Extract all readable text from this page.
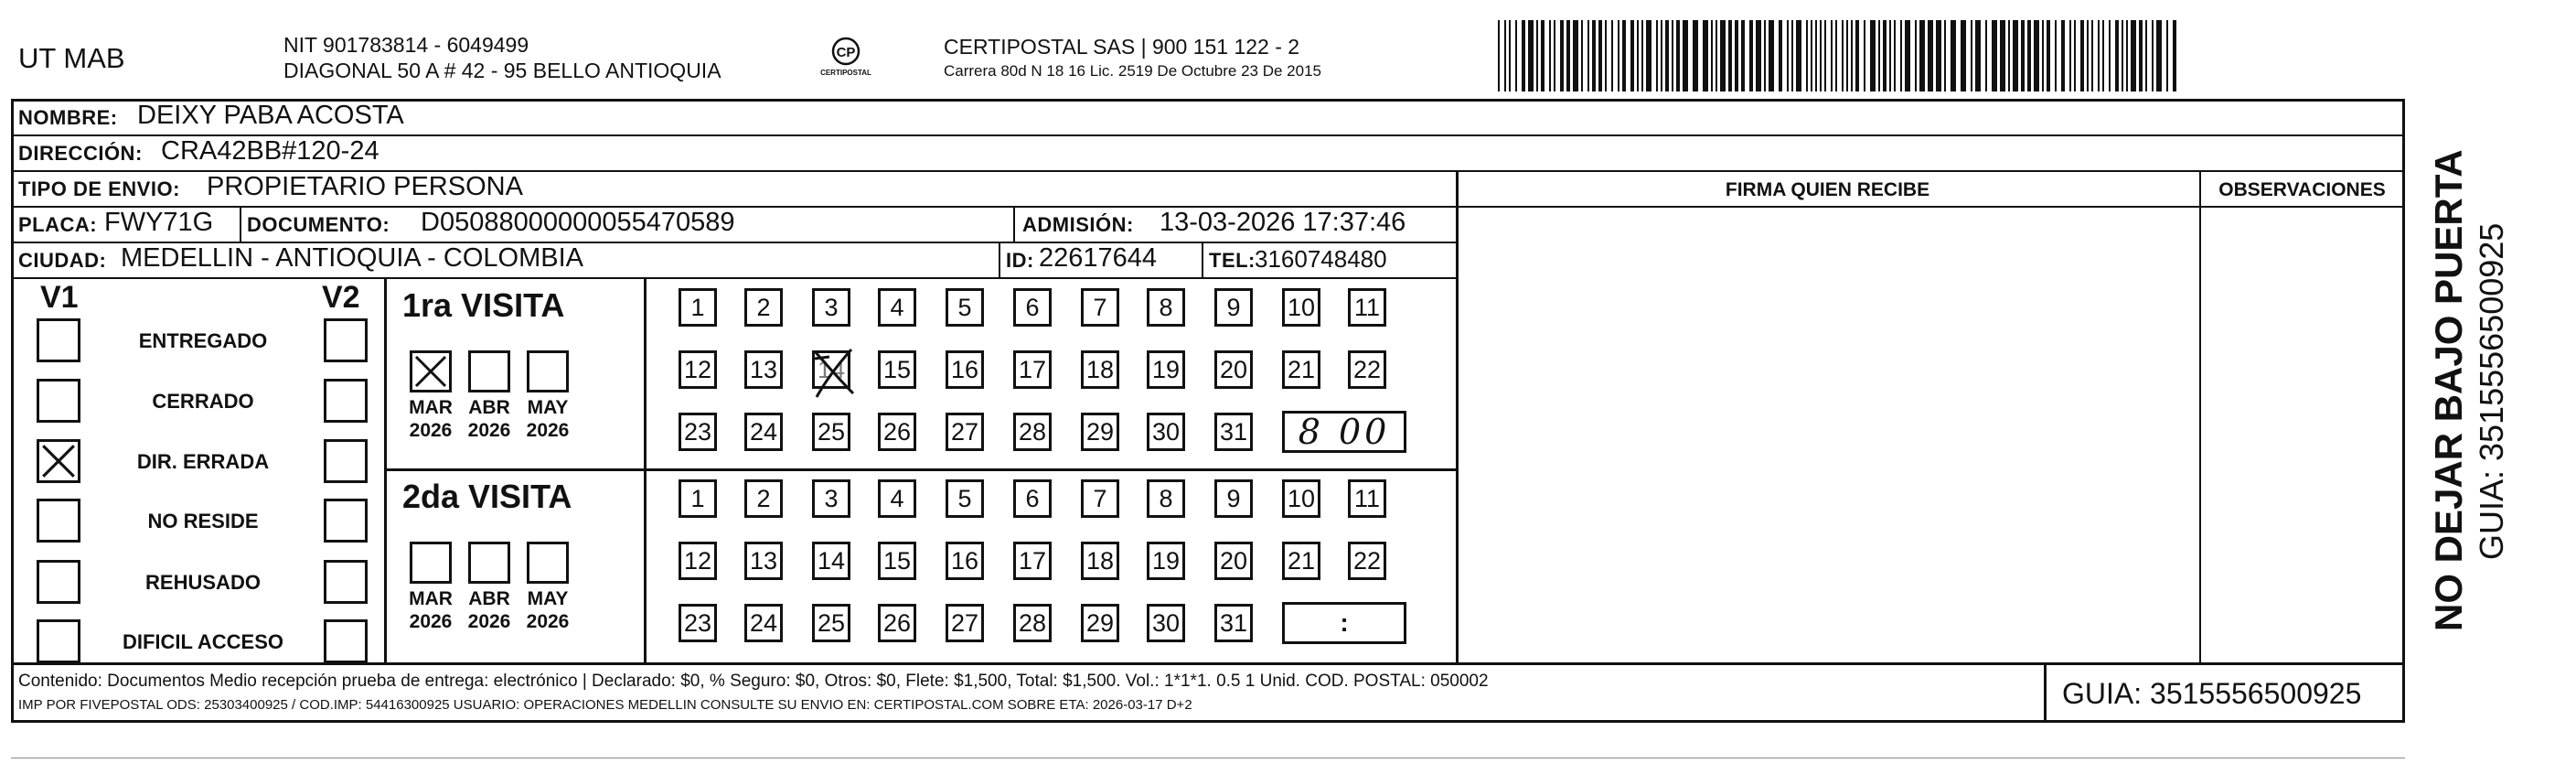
UT MAB	NIT 901783814 - 6049499
DIAGONAL 50 A # 42 - 95 BELLO ANTIOQUIA
CP
CERTIPOSTAL
CERTIPOSTAL SAS | 900 151 122 - 2
Carrera 80d N 18 16 Lic. 2519 De Octubre 23 De 2015
NOMBRE: DEIXY PABA ACOSTA
DIRECCIÓN: CRA42BB#120-24
TIPO DE ENVIO: PROPIETARIO PERSONA	FIRMA QUIEN RECIBE	OBSERVACIONES
PLACA: FWY71G DOCUMENTO: D05088000000055470589	ADMISIÓN: 13-03-2026 17:37:46
CIUDAD: MEDELLIN - ANTIOQUIA - COLOMBIA	ID: 22617644	TEL: 3160748480
V1	V2
ENTREGADO
CERRADO
DIR. ERRADA
NO RESIDE
REHUSADO
DIFICIL ACCESO
1ra VISITA
MAR
2026
ABR
2026
MAY
2026
1 2 3 4 5 6 7 8 9 10 11
12 13 14 15 16 17 18 19 20 21 22
23 24 25 26 27 28 29 30 31 8 00
2da VISITA
MAR
2026
ABR
2026
MAY
2026
1 2 3 4 5 6 7 8 9 10 11
12 13 14 15 16 17 18 19 20 21 22
23 24 25 26 27 28 29 30 31	:
Contenido: Documentos Medio recepción prueba de entrega: electrónico | Declarado: $0, % Seguro: $0, Otros: $0, Flete: $1,500, Total: $1,500. Vol.: 1*1*1. 0.5 1 Unid. COD. POSTAL: 050002
IMP POR FIVEPOSTAL ODS: 25303400925 / COD.IMP: 54416300925 USUARIO: OPERACIONES MEDELLIN CONSULTE SU ENVIO EN: CERTIPOSTAL.COM SOBRE ETA: 2026-03-17 D+2	GUIA: 3515556500925
NO DEJAR BAJO PUERTA GUIA: 3515556500925
